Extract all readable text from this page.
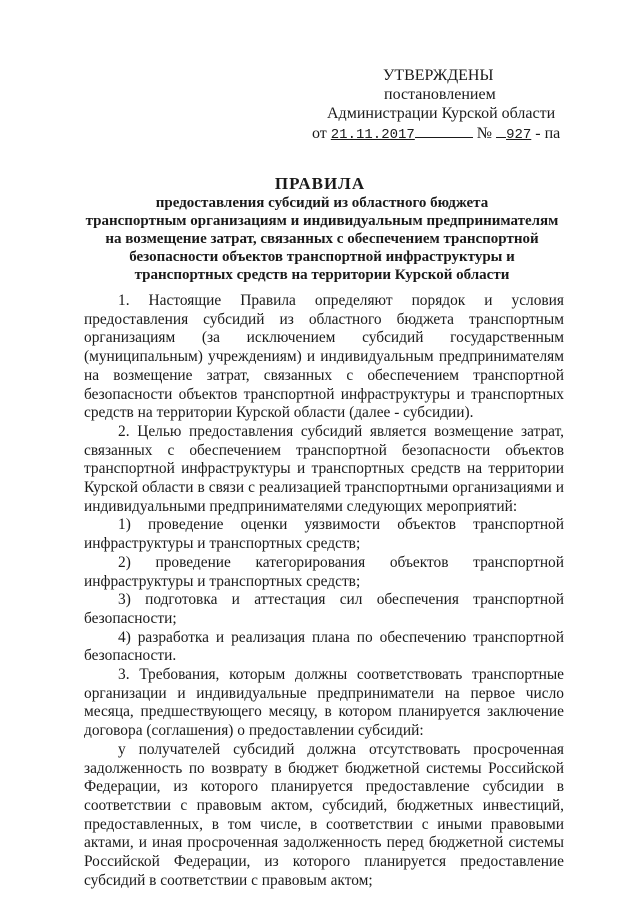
УТВЕРЖДЕНЫ
постановлением
Администрации Курской области
от 21.11.2017	№ 927 - па
ПРАВИЛА
предоставления субсидий из областного бюджета
транспортным организациям и индивидуальным предпринимателям
на возмещение затрат, связанных с обеспечением транспортной
безопасности объектов транспортной инфраструктуры и
транспортных средств на территории Курской области

1. Настоящие Правила определяют порядок и условия предоставления субсидий из областного бюджета транспортным организациям (за исключением субсидий государственным (муниципальным) учреждениям) и индивидуальным предпринимателям на возмещение затрат, связанных с обеспечением транспортной безопасности объектов транспортной инфраструктуры и транспортных средств на территории Курской области (далее - субсидии).

2. Целью предоставления субсидий является возмещение затрат, связанных с обеспечением транспортной безопасности объектов транспортной инфраструктуры и транспортных средств на территории Курской области в связи с реализацией транспортными организациями и индивидуальными предпринимателями следующих мероприятий:

1) проведение оценки уязвимости объектов транспортной инфраструктуры и транспортных средств;

2) проведение категорирования объектов транспортной инфраструктуры и транспортных средств;

3) подготовка и аттестация сил обеспечения транспортной безопасности;

4) разработка и реализация плана по обеспечению транспортной безопасности.

3. Требования, которым должны соответствовать транспортные организации и индивидуальные предприниматели на первое число месяца, предшествующего месяцу, в котором планируется заключение договора (соглашения) о предоставлении субсидий:

у получателей субсидий должна отсутствовать просроченная задолженность по возврату в бюджет бюджетной системы Российской Федерации, из которого планируется предоставление субсидии в соответствии с правовым актом, субсидий, бюджетных инвестиций, предоставленных, в том числе, в соответствии с иными правовыми актами, и иная просроченная задолженность перед бюджетной системы Российской Федерации, из которого планируется предоставление субсидий в соответствии с правовым актом;
